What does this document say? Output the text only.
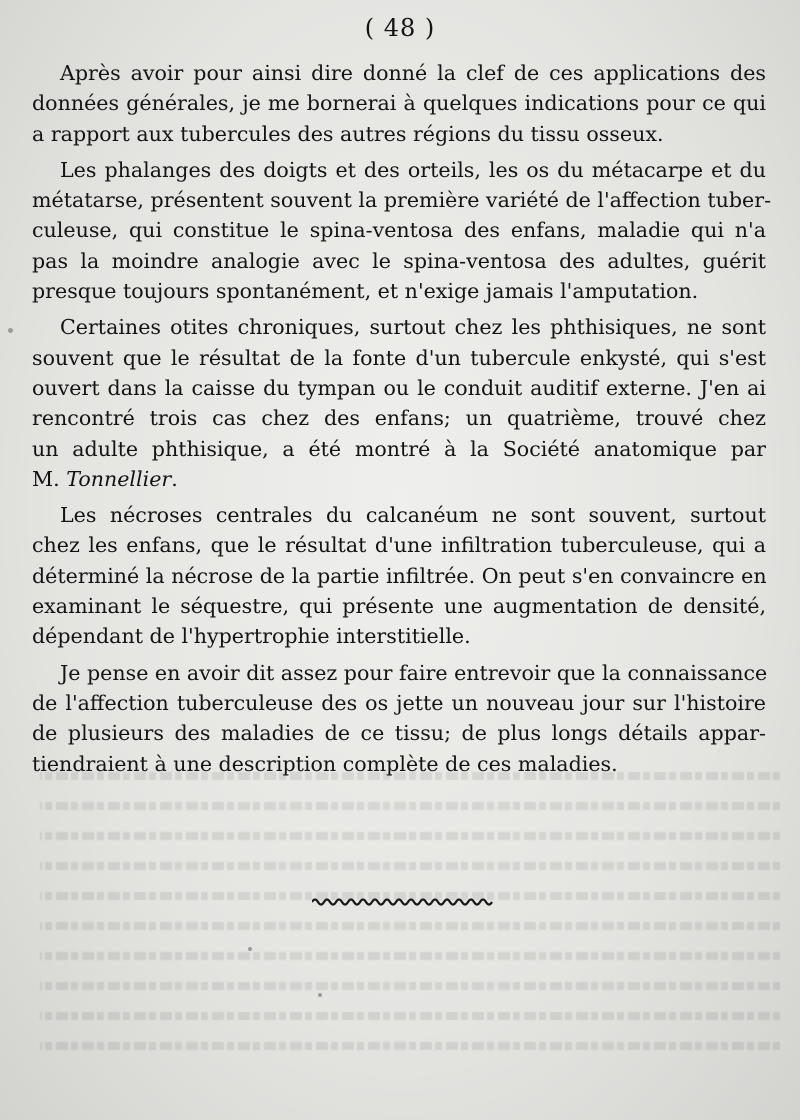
( 48 )

Après avoir pour ainsi dire donné la clef de ces applications des
données générales, je me bornerai à quelques indications pour ce qui
a rapport aux tubercules des autres régions du tissu osseux.

Les phalanges des doigts et des orteils, les os du métacarpe et du
métatarse, présentent souvent la première variété de l'affection tuber-
culeuse, qui constitue le spina-ventosa des enfans, maladie qui n'a
pas la moindre analogie avec le spina-ventosa des adultes, guérit
presque toujours spontanément, et n'exige jamais l'amputation.

Certaines otites chroniques, surtout chez les phthisiques, ne sont
souvent que le résultat de la fonte d'un tubercule enkysté, qui s'est
ouvert dans la caisse du tympan ou le conduit auditif externe. J'en ai
rencontré trois cas chez des enfans; un quatrième, trouvé chez
un adulte phthisique, a été montré à la Société anatomique par
M. Tonnellier.

Les nécroses centrales du calcanéum ne sont souvent, surtout
chez les enfans, que le résultat d'une infiltration tuberculeuse, qui a
déterminé la nécrose de la partie infiltrée. On peut s'en convaincre en
examinant le séquestre, qui présente une augmentation de densité,
dépendant de l'hypertrophie interstitielle.

Je pense en avoir dit assez pour faire entrevoir que la connaissance
de l'affection tuberculeuse des os jette un nouveau jour sur l'histoire
de plusieurs des maladies de ce tissu; de plus longs détails appar-
tiendraient à une description complète de ces maladies.
